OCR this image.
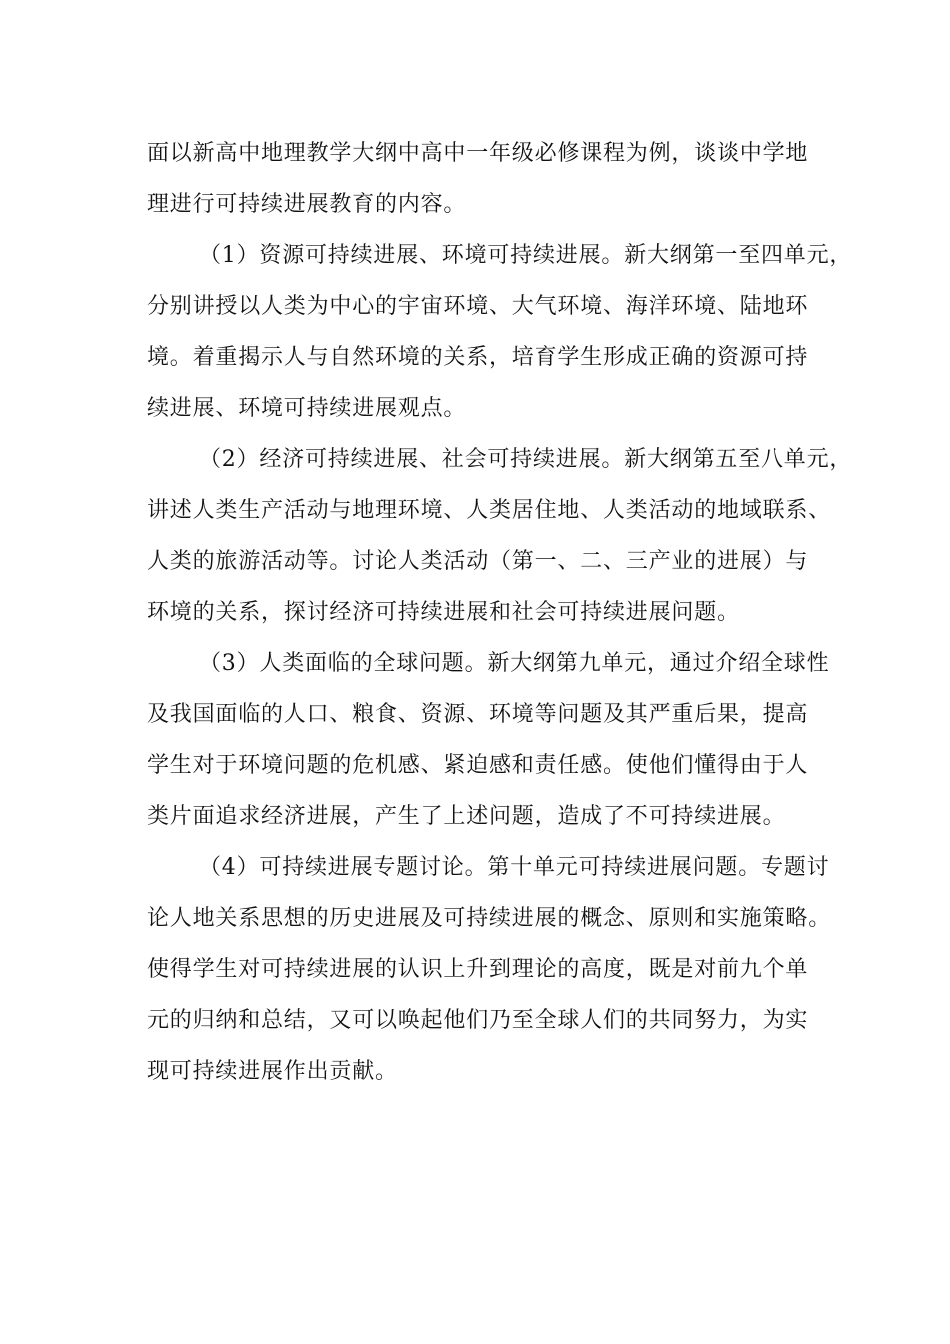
面以新高中地理教学大纲中高中一年级必修课程为例，谈谈中学地
理进行可持续进展教育的内容。
（1）资源可持续进展、环境可持续进展。新大纲第一至四单元，
分别讲授以人类为中心的宇宙环境、大气环境、海洋环境、陆地环
境。着重揭示人与自然环境的关系，培育学生形成正确的资源可持
续进展、环境可持续进展观点。
（2）经济可持续进展、社会可持续进展。新大纲第五至八单元，
讲述人类生产活动与地理环境、人类居住地、人类活动的地域联系、
人类的旅游活动等。讨论人类活动（第一、二、三产业的进展）与
环境的关系，探讨经济可持续进展和社会可持续进展问题。
（3）人类面临的全球问题。新大纲第九单元，通过介绍全球性
及我国面临的人口、粮食、资源、环境等问题及其严重后果，提高
学生对于环境问题的危机感、紧迫感和责任感。使他们懂得由于人
类片面追求经济进展，产生了上述问题，造成了不可持续进展。
（4）可持续进展专题讨论。第十单元可持续进展问题。专题讨
论人地关系思想的历史进展及可持续进展的概念、原则和实施策略。
使得学生对可持续进展的认识上升到理论的高度，既是对前九个单
元的归纳和总结，又可以唤起他们乃至全球人们的共同努力，为实
现可持续进展作出贡献。
